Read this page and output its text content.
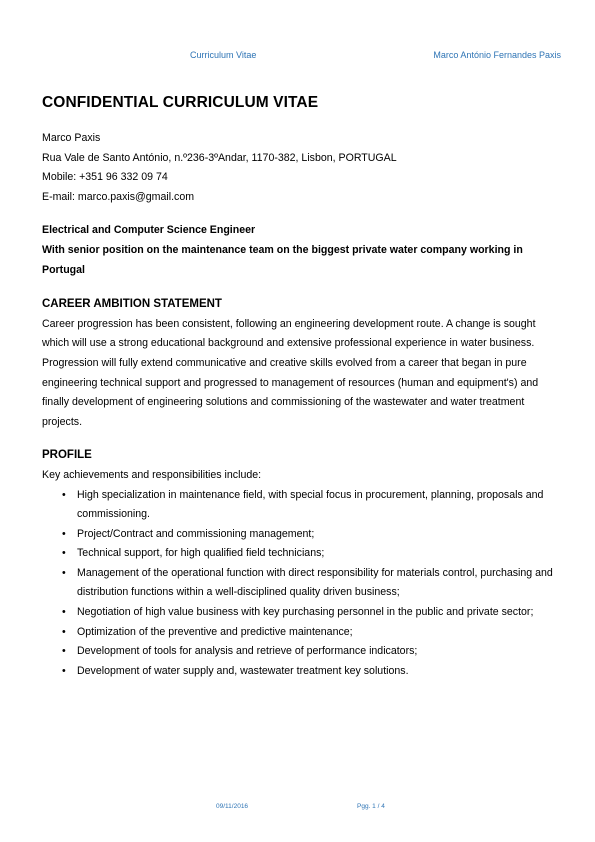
Curriculum Vitae	Marco António Fernandes Paxis
CONFIDENTIAL CURRICULUM VITAE

Marco Paxis

Rua Vale de Santo António, n.º236-3ºAndar, 1170-382, Lisbon, PORTUGAL

Mobile: +351 96 332 09 74

E-mail: marco.paxis@gmail.com

Electrical and Computer Science Engineer

With senior position on the maintenance team on the biggest private water company working in Portugal

CAREER AMBITION STATEMENT

Career progression has been consistent, following an engineering development route. A change is sought which will use a strong educational background and extensive professional experience in water business. Progression will fully extend communicative and creative skills evolved from a career that began in pure engineering technical support and progressed to management of resources (human and equipment's) and finally development of engineering solutions and commissioning of the wastewater and water treatment projects.

PROFILE

Key achievements and responsibilities include:

• High specialization in maintenance field, with special focus in procurement, planning, proposals and commissioning.
• Project/Contract and commissioning management;
• Technical support, for high qualified field technicians;
• Management of the operational function with direct responsibility for materials control, purchasing and distribution functions within a well-disciplined quality driven business;
• Negotiation of high value business with key purchasing personnel in the public and private sector;
• Optimization of the preventive and predictive maintenance;
• Development of tools for analysis and retrieve of performance indicators;
• Development of water supply and, wastewater treatment key solutions.
09/11/2016	Pgg. 1 / 4
